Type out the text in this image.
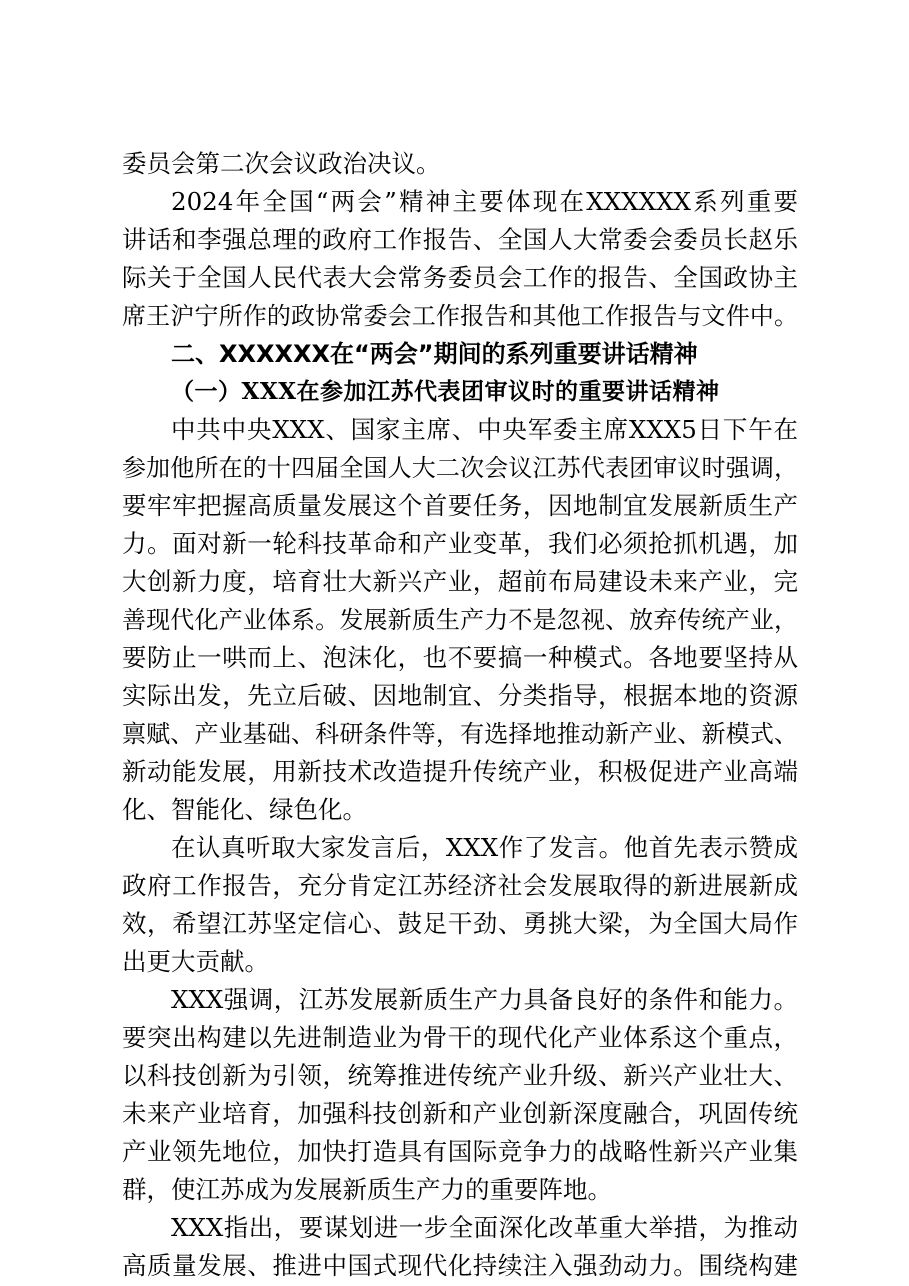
委员会第二次会议政治决议。
2024年全国“两会”精神主要体现在XXXXXX系列重要
讲话和李强总理的政府工作报告、全国人大常委会委员长赵乐
际关于全国人民代表大会常务委员会工作的报告、全国政协主
席王沪宁所作的政协常委会工作报告和其他工作报告与文件中。
二、XXXXXX在“两会”期间的系列重要讲话精神
（一）XXX在参加江苏代表团审议时的重要讲话精神
中共中央XXX、国家主席、中央军委主席XXX5日下午在
参加他所在的十四届全国人大二次会议江苏代表团审议时强调，
要牢牢把握高质量发展这个首要任务，因地制宜发展新质生产
力。面对新一轮科技革命和产业变革，我们必须抢抓机遇，加
大创新力度，培育壮大新兴产业，超前布局建设未来产业，完
善现代化产业体系。发展新质生产力不是忽视、放弃传统产业，
要防止一哄而上、泡沫化，也不要搞一种模式。各地要坚持从
实际出发，先立后破、因地制宜、分类指导，根据本地的资源
禀赋、产业基础、科研条件等，有选择地推动新产业、新模式、
新动能发展，用新技术改造提升传统产业，积极促进产业高端
化、智能化、绿色化。
在认真听取大家发言后，XXX作了发言。他首先表示赞成
政府工作报告，充分肯定江苏经济社会发展取得的新进展新成
效，希望江苏坚定信心、鼓足干劲、勇挑大梁，为全国大局作
出更大贡献。
XXX强调，江苏发展新质生产力具备良好的条件和能力。
要突出构建以先进制造业为骨干的现代化产业体系这个重点，
以科技创新为引领，统筹推进传统产业升级、新兴产业壮大、
未来产业培育，加强科技创新和产业创新深度融合，巩固传统
产业领先地位，加快打造具有国际竞争力的战略性新兴产业集
群，使江苏成为发展新质生产力的重要阵地。
XXX指出，要谋划进一步全面深化改革重大举措，为推动
高质量发展、推进中国式现代化持续注入强劲动力。围绕构建
